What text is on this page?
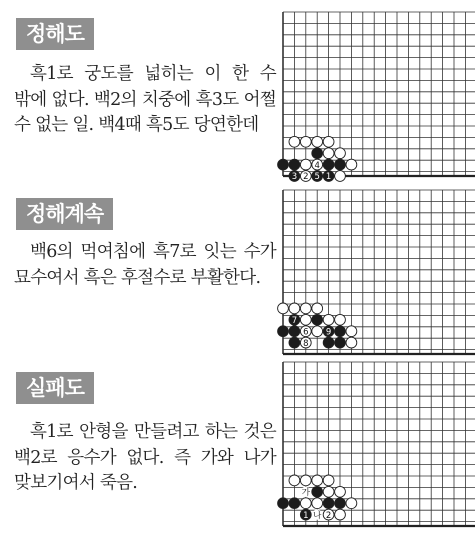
정해도
흑1로 궁도를 넓히는 이 한 수 밖에 없다. 백2의 치중에 흑3도 어쩔 수 없는 일. 백4때 흑5도 당연한데
4
3 2 5 1
정해계속
백6의 먹여침에 흑7로 잇는 수가 묘수여서 흑은 후절수로 부활한다.
7
6 9
8
실패도
흑1로 안형을 만들려고 하는 것은 백2로 응수가 없다. 즉 가와 나가 맞보기여서 죽음.	가
1 나 2
